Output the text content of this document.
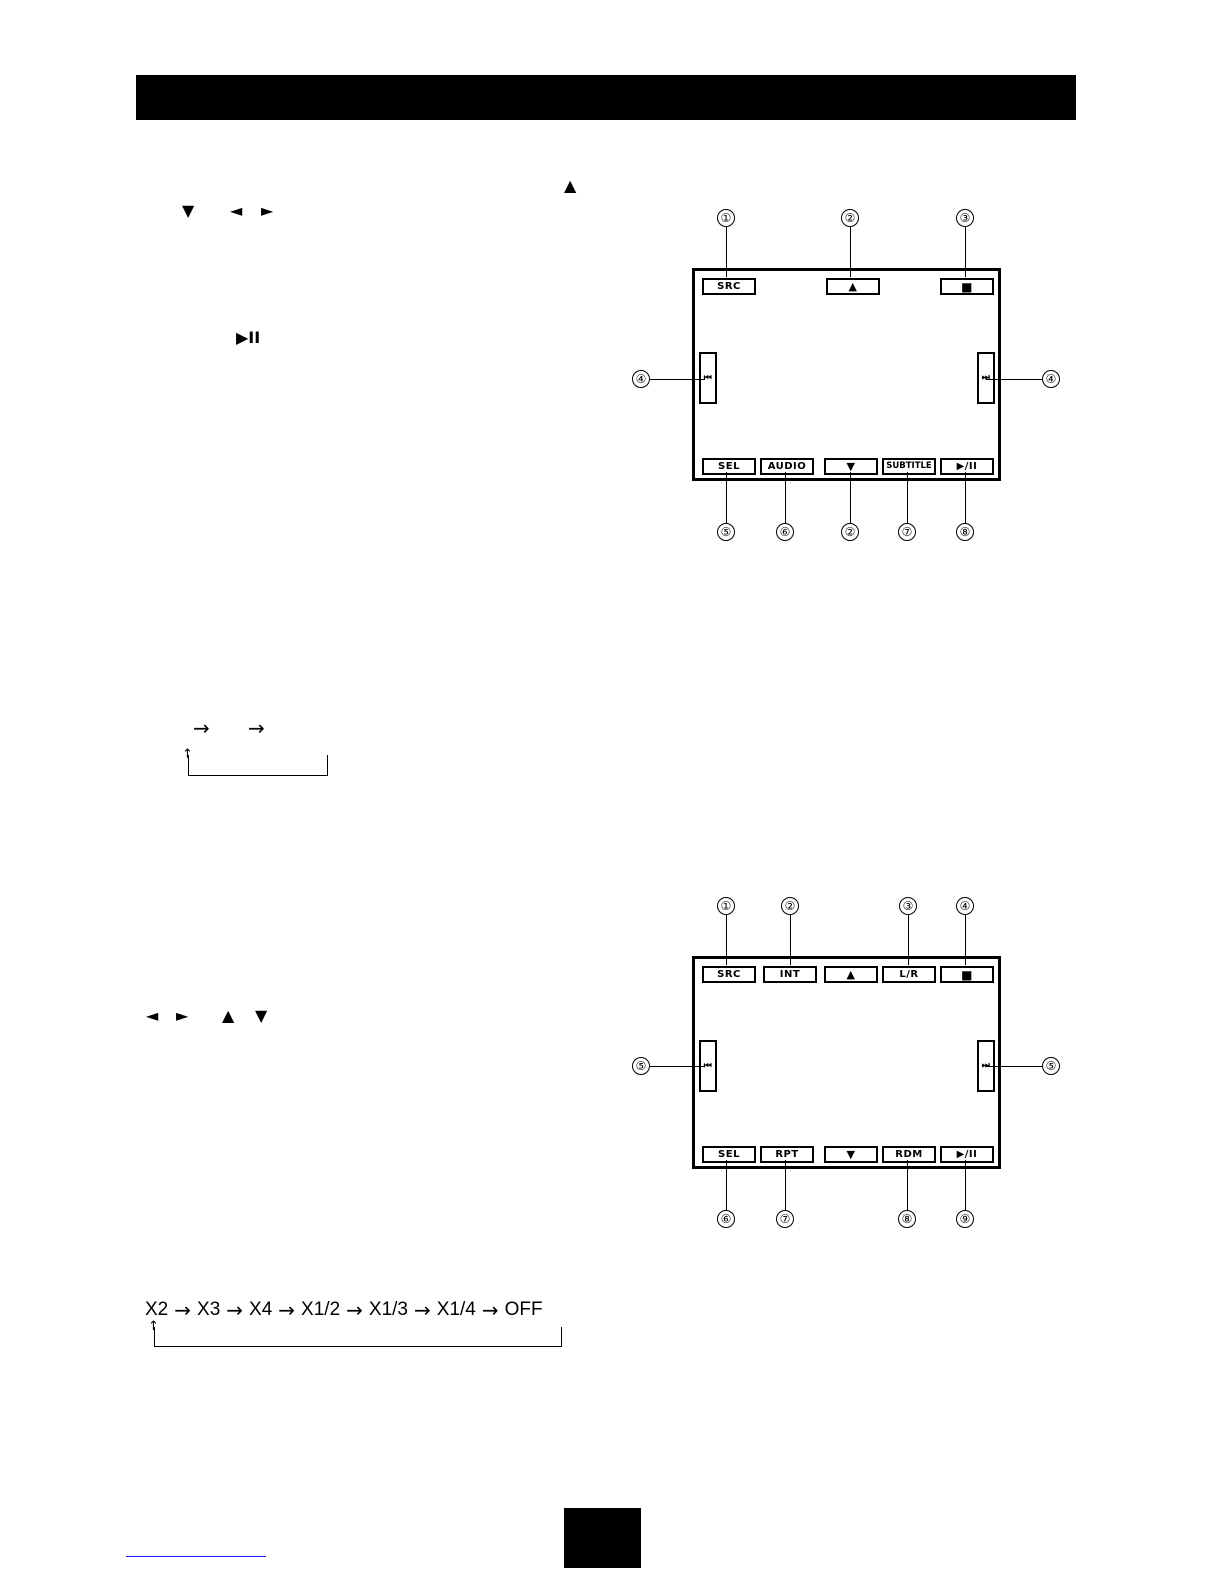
▲
▼ ◄ ►
▶II
→ →
↑
SRC	▲	■
⏮	⏭
SEL	AUDIO	▼	SUBTITLE	▶/II
①	②	③
④	④
⑤	⑥	②	⑦	⑧
◄ ► ▲ ▼
SRC	INT	▲	L/R	■
⏮	⏭
SEL	RPT	▼	RDM	▶/II
①	②	③	④
⑤	⑤
⑥	⑦	⑧	⑨
X2 → X3 → X4 → X1/2 → X1/3 → X1/4 → OFF
↑
